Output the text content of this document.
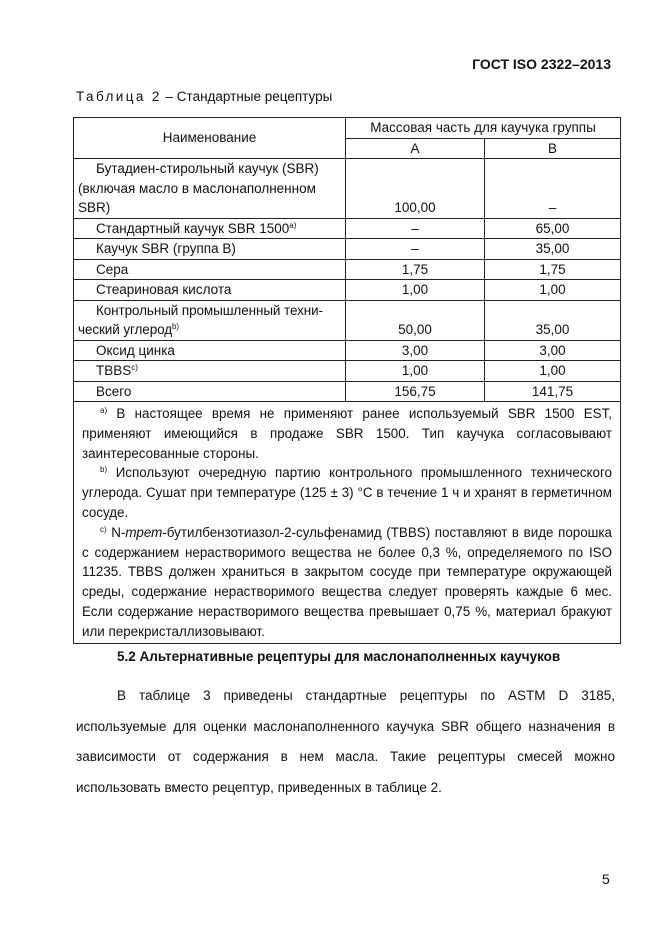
ГОСТ ISO 2322–2013
Таблица 2 – Стандартные рецептуры
Наименование	Массовая часть для каучука группы	
	A	B
Бутадиен-стирольный каучук (SBR) (включая масло в маслонаполненном SBR)	100,00	–
Стандартный каучук SBR 1500$^{a)}$	–	65,00
Каучук SBR (группа B)	–	35,00
Сера	1,75	1,75
Стеариновая кислота	1,00	1,00
Контрольный промышленный техни-ческий углерод$^{b)}$	50,00	35,00
Оксид цинка	3,00	3,00
TBBS$^{c)}$	1,00	1,00
Всего	156,75	141,75

$^{a)}$ В настоящее время не применяют ранее используемый SBR 1500 EST, применяют имеющийся в продаже SBR 1500. Тип каучука согласовывают заинтересованные стороны.

$^{b)}$ Используют очередную партию контрольного промышленного технического углерода. Сушат при температуре (125 ± 3) °C в течение 1 ч и хранят в герметичном сосуде.

$^{c)}$ N-трет-бутилбензотиазол-2-сульфенамид (TBBS) поставляют в виде порошка с содержанием нерастворимого вещества не более 0,3 %, определяемого по ISO 11235. TBBS должен храниться в закрытом сосуде при температуре окружающей среды, содержание нерастворимого вещества следует проверять каждые 6 мес. Если содержание нерастворимого вещества превышает 0,75 %, материал бракуют или перекристаллизовывают.		

5.2 Альтернативные рецептуры для маслонаполненных каучуков

В таблице 3 приведены стандартные рецептуры по ASTM D 3185, используемые для оценки маслонаполненного каучука SBR общего назначения в зависимости от содержания в нем масла. Такие рецептуры смесей можно использовать вместо рецептур, приведенных в таблице 2.

5
